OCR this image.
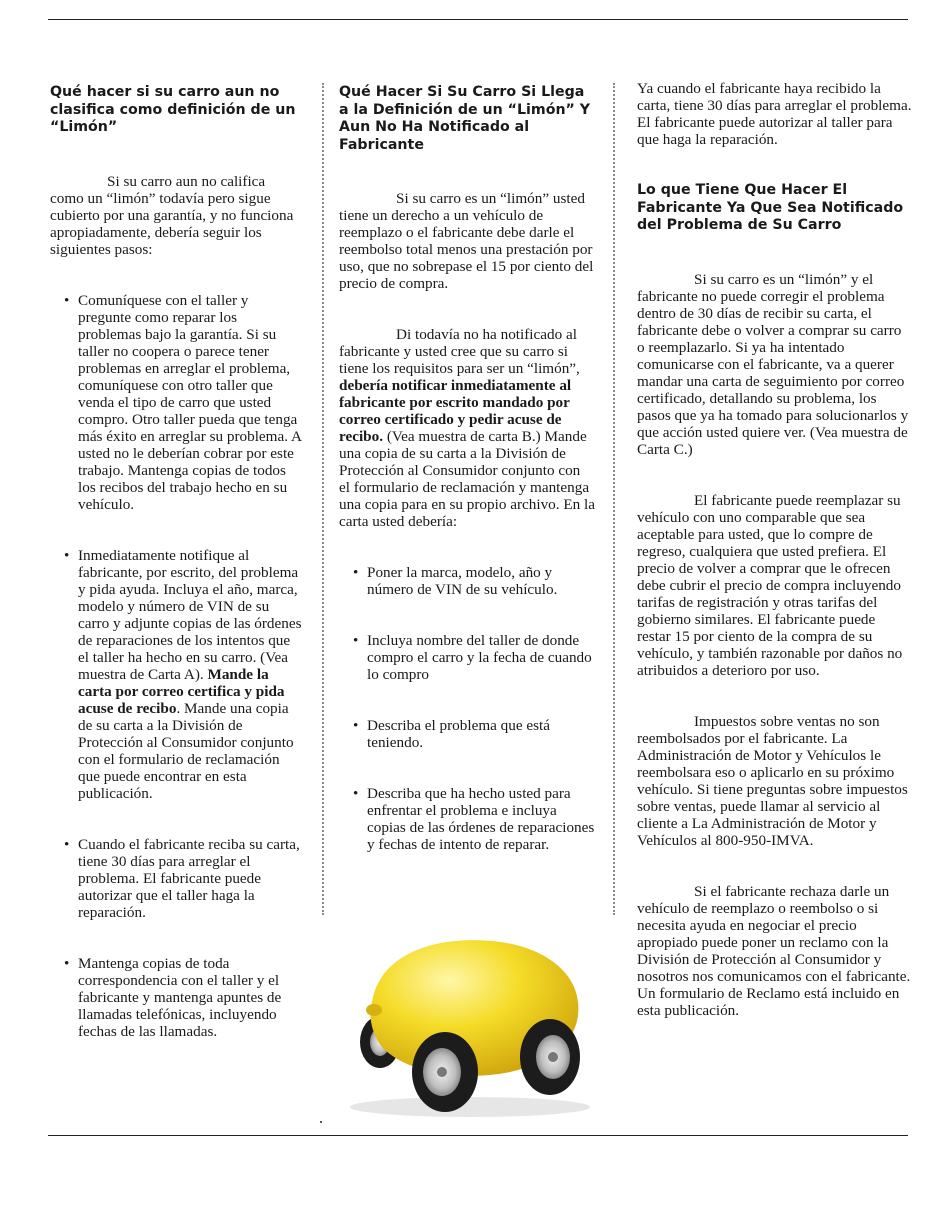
Qué hacer si su carro aun no clasifica como definición de un “Limón”

Si su carro aun no califica como un “limón” todavía pero sigue cubierto por una garantía, y no funciona apropiadamente, debería seguir los siguientes pasos:

• Comuníquese con el taller y pregunte como reparar los problemas bajo la garantía. Si su taller no coopera o parece tener problemas en arreglar el problema, comuníquese con otro taller que venda el tipo de carro que usted compro. Otro taller pueda que tenga más éxito en arreglar su problema. A usted no le deberían cobrar por este trabajo. Mantenga copias de todos los recibos del trabajo hecho en su vehículo.
• Inmediatamente notifique al fabricante, por escrito, del problema y pida ayuda. Incluya el año, marca, modelo y número de VIN de su carro y adjunte copias de las órdenes de reparaciones de los intentos que el taller ha hecho en su carro. (Vea muestra de Carta A). Mande la carta por correo certifica y pida acuse de recibo. Mande una copia de su carta a la División de Protección al Consumidor conjunto con el formulario de reclamación que puede encontrar en esta publicación.
• Cuando el fabricante reciba su carta, tiene 30 días para arreglar el problema. El fabricante puede autorizar que el taller haga la reparación.
• Mantenga copias de toda correspondencia con el taller y el fabricante y mantenga apuntes de llamadas telefónicas, incluyendo fechas de las llamadas.
Qué Hacer Si Su Carro Si Llega a la Definición de un “Limón” Y Aun No Ha Notificado al Fabricante

Si su carro es un “limón” usted tiene un derecho a un vehículo de reemplazo o el fabricante debe darle el reembolso total menos una prestación por uso, que no sobrepase el 15 por ciento del precio de compra.

Di todavía no ha notificado al fabricante y usted cree que su carro si tiene los requisitos para ser un “limón”, debería notificar inmediatamente al fabricante por escrito mandado por correo certificado y pedir acuse de recibo. (Vea muestra de carta B.) Mande una copia de su carta a la División de Protección al Consumidor conjunto con el formulario de reclamación y mantenga una copia para en su propio archivo. En la carta usted debería:

• Poner la marca, modelo, año y número de VIN de su vehículo.
• Incluya nombre del taller de donde compro el carro y la fecha de cuando lo compro
• Describa el problema que está teniendo.
• Describa que ha hecho usted para enfrentar el problema e incluya copias de las órdenes de reparaciones y fechas de intento de reparar.

Ya cuando el fabricante haya recibido la carta, tiene 30 días para arreglar el problema. El fabricante puede autorizar al taller para que haga la reparación.

Lo que Tiene Que Hacer El Fabricante Ya Que Sea Notificado del Problema de Su Carro

Si su carro es un “limón” y el fabricante no puede corregir el problema dentro de 30 días de recibir su carta, el fabricante debe o volver a comprar su carro o reemplazarlo. Si ya ha intentado comunicarse con el fabricante, va a querer mandar una carta de seguimiento por correo certificado, detallando su problema, los pasos que ya ha tomado para solucionarlos y que acción usted quiere ver. (Vea muestra de Carta C.)

El fabricante puede reemplazar su vehículo con uno comparable que sea aceptable para usted, que lo compre de regreso, cualquiera que usted prefiera. El precio de volver a comprar que le ofrecen debe cubrir el precio de compra incluyendo tarifas de registración y otras tarifas del gobierno similares. El fabricante puede restar 15 por ciento de la compra de su vehículo, y también razonable por daños no atribuidos a deterioro por uso.

Impuestos sobre ventas no son reembolsados por el fabricante. La Administración de Motor y Vehículos le reembolsara eso o aplicarlo en su próximo vehículo. Si tiene preguntas sobre impuestos sobre ventas, puede llamar al servicio al cliente a La Administración de Motor y Vehículos al 800-950-IMVA.

Si el fabricante rechaza darle un vehículo de reemplazo o reembolso o si necesita ayuda en negociar el precio apropiado puede poner un reclamo con la División de Protección al Consumidor y nosotros nos comunicamos con el fabricante. Un formulario de Reclamo está incluido en esta publicación.
